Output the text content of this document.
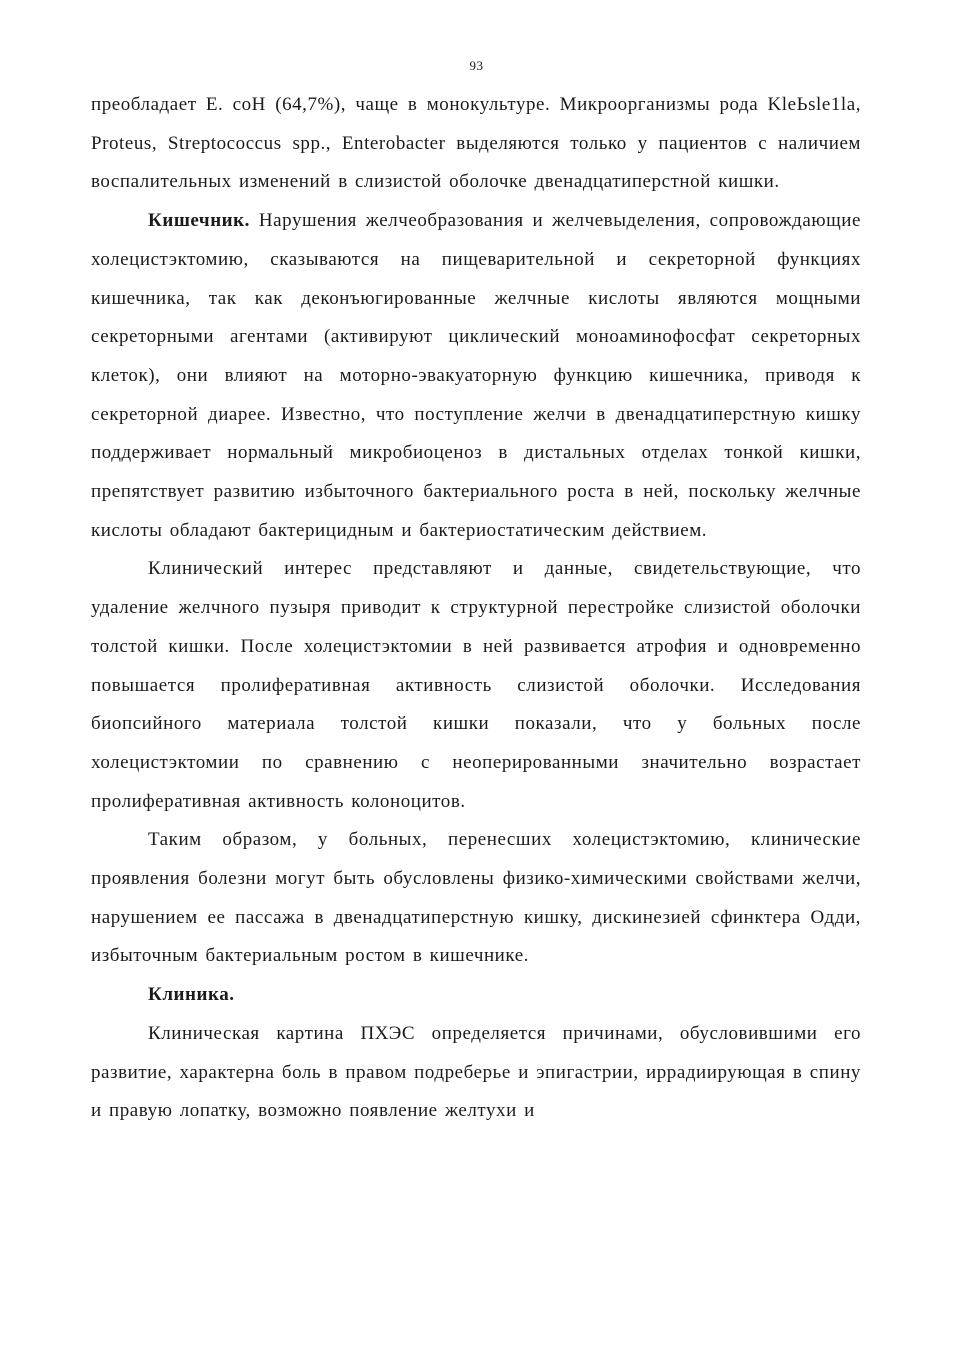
93

преобладает E. coH (64,7%), чаще в монокультуре. Микроорганизмы рода KleЬsle1la, Proteus, Streptococcus spp., Enterobacter выделяются только у пациентов с наличием воспалительных изменений в слизистой оболочке двенадцатиперстной кишки.

Кишечник. Нарушения желчеобразования и желчевыделения, сопровождающие холецистэктомию, сказываются на пищеварительной и секреторной функциях кишечника, так как деконъюгированные желчные кислоты являются мощными секреторными агентами (активируют циклический моноаминофосфат секреторных клеток), они влияют на моторно-эвакуаторную функцию кишечника, приводя к секреторной диарее. Известно, что поступление желчи в двенадцатиперстную кишку поддерживает нормальный микробиоценоз в дистальных отделах тонкой кишки, препятствует развитию избыточного бактериального роста в ней, поскольку желчные кислоты обладают бактерицидным и бактериостатическим действием.

Клинический интерес представляют и данные, свидетельствующие, что удаление желчного пузыря приводит к структурной перестройке слизистой оболочки толстой кишки. После холецистэктомии в ней развивается атрофия и одновременно повышается пролиферативная активность слизистой оболочки. Исследования биопсийного материала толстой кишки показали, что у больных после холецистэктомии по сравнению с неоперированными значительно возрастает пролиферативная активность колоноцитов.

Таким образом, у больных, перенесших холецистэктомию, клинические проявления болезни могут быть обусловлены физико-химическими свойствами желчи, нарушением ее пассажа в двенадцатиперстную кишку, дискинезией сфинктера Одди, избыточным бактериальным ростом в кишечнике.

Клиника.

Клиническая картина ПХЭС определяется причинами, обусловившими его развитие, характерна боль в правом подреберье и эпигастрии, иррадиирующая в спину и правую лопатку, возможно появление желтухи и
